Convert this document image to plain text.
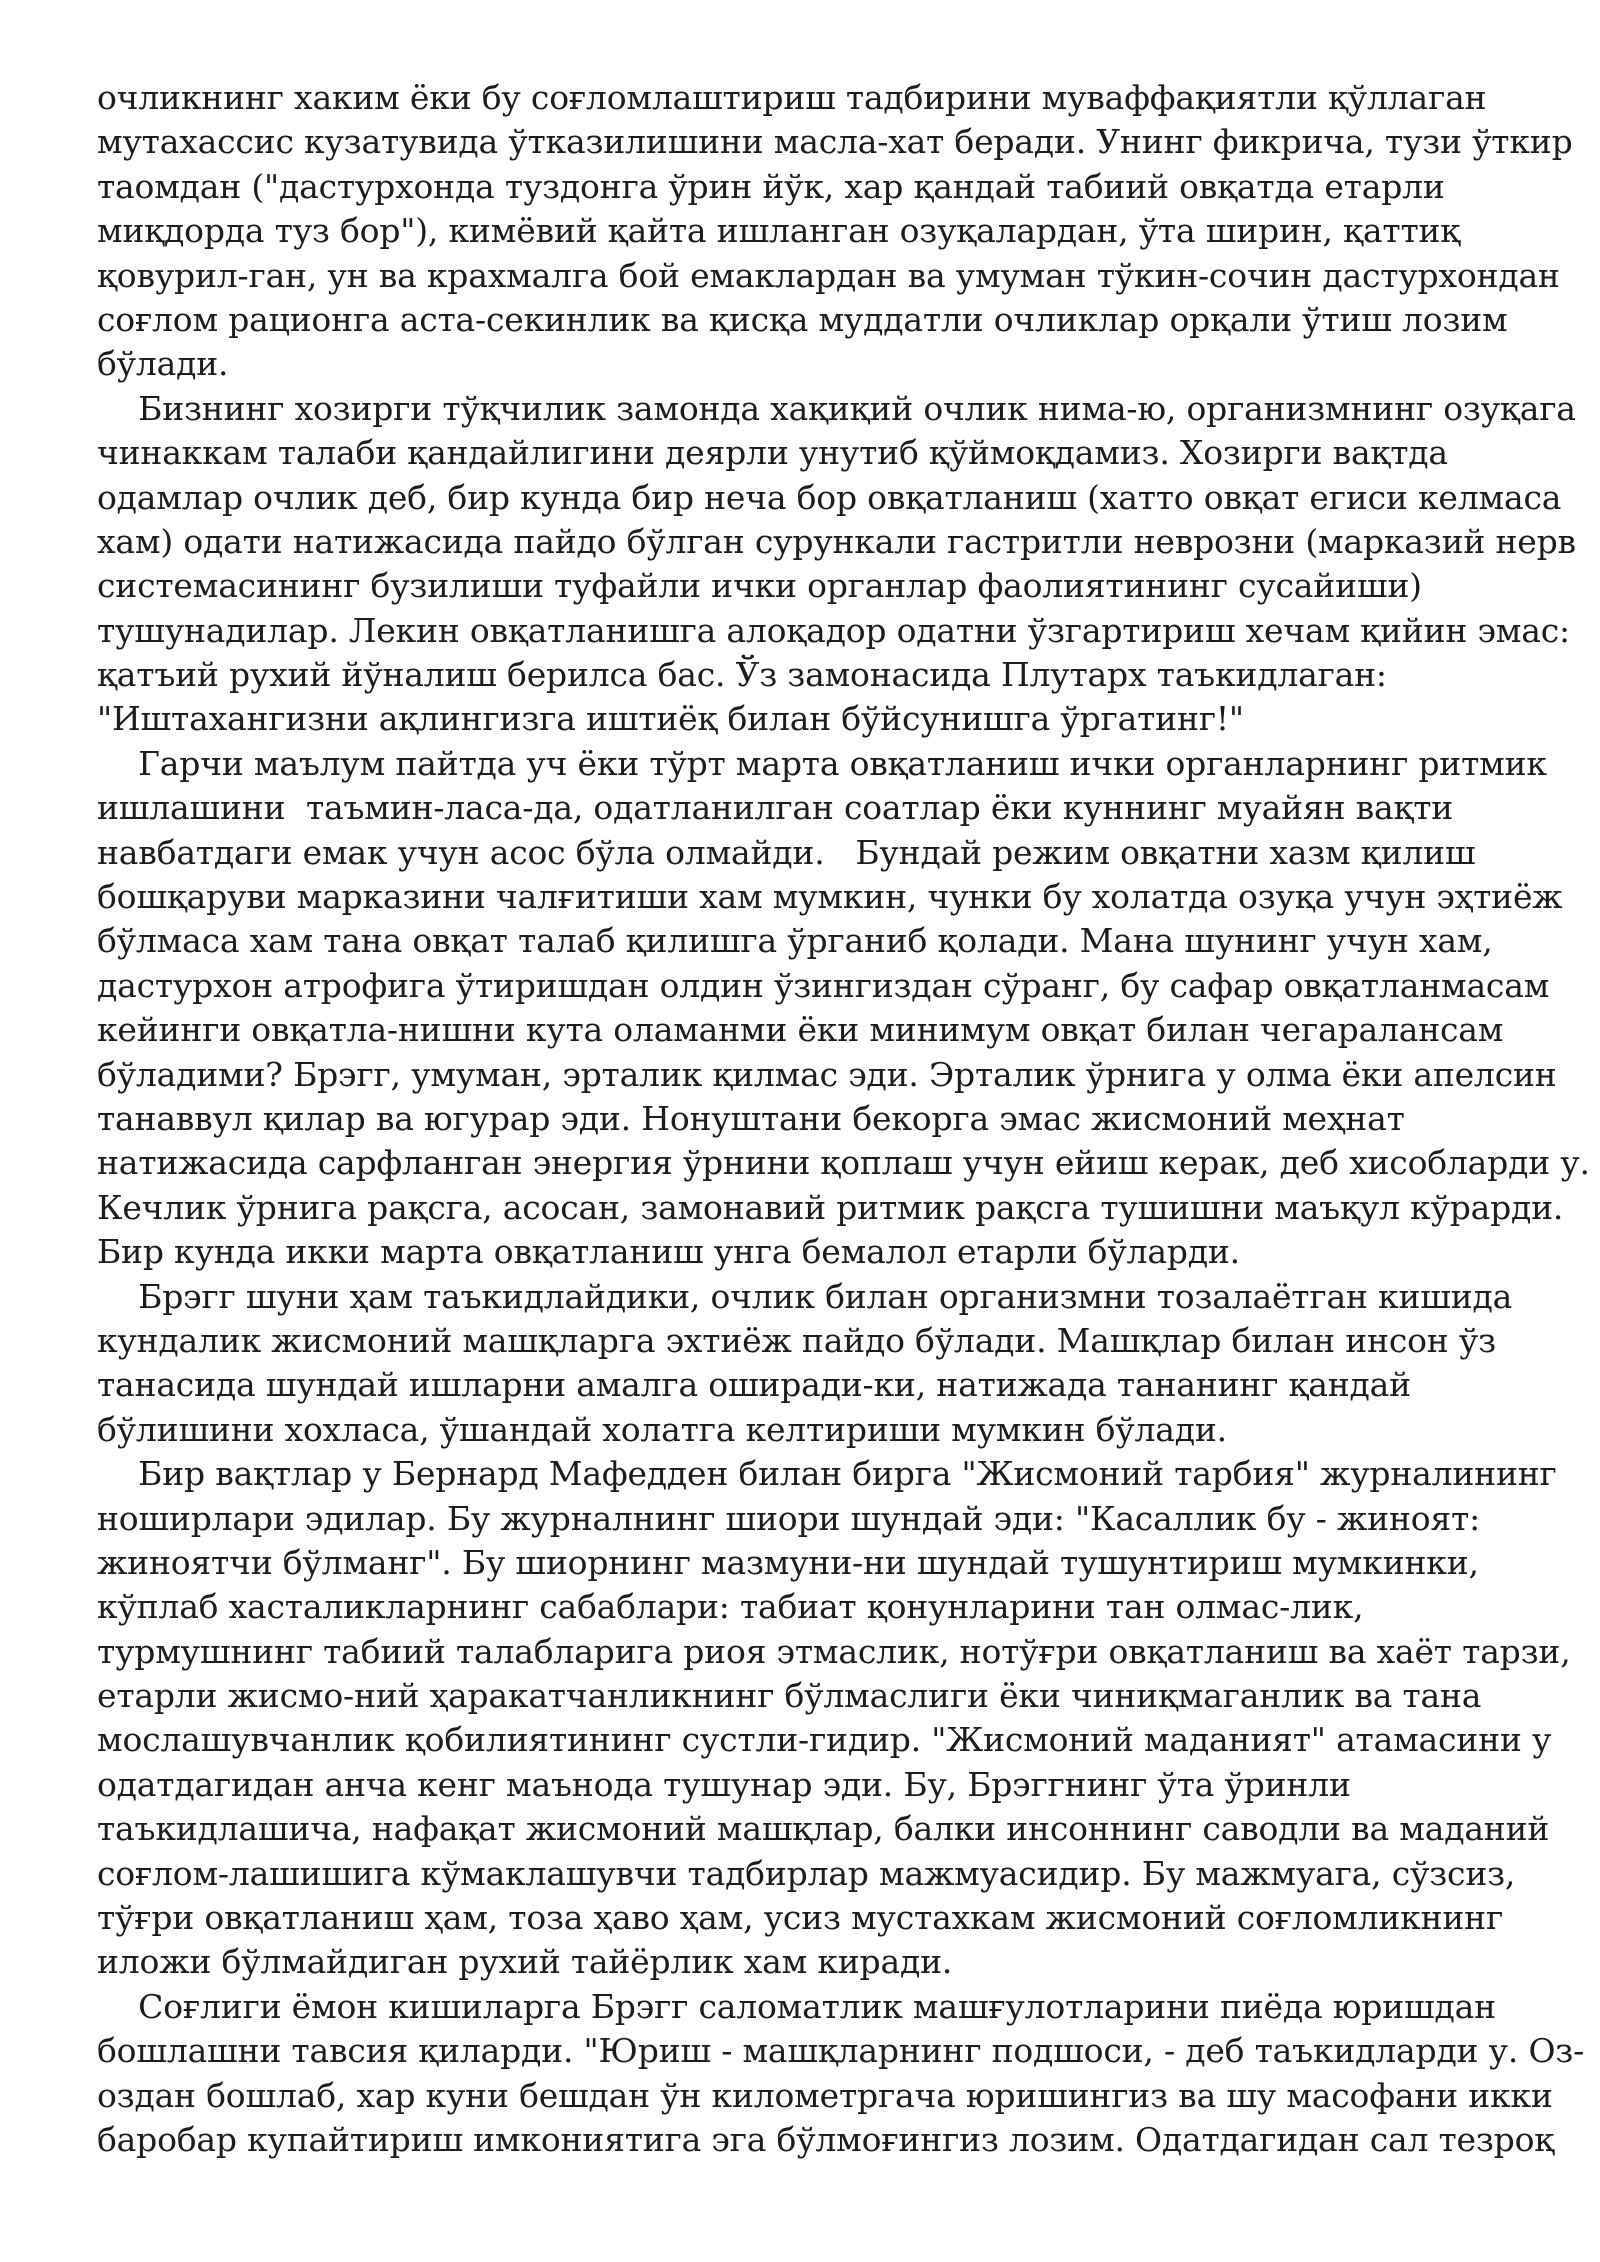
очликнинг хаким ёки бу соғломлаштириш тадбирини муваффақиятли қўллаган
мутахассис кузатувида ўтказилишини масла-хат беради. Унинг фикрича, тузи ўткир
таомдан ("дастурхонда туздонга ўрин йўк, хар қандай табиий овқатда етарли
миқдорда туз бор"), кимёвий қайта ишланган озуқалардан, ўта ширин, қаттиқ
қовурил-ган, ун ва крахмалга бой емаклардан ва умуман тўкин-сочин дастурхондан
соғлом рационга аста-секинлик ва қисқа муддатли очликлар орқали ўтиш лозим
бўлади.
Бизнинг хозирги тўқчилик замонда хақиқий очлик нима-ю, организмнинг озуқага
чинаккам талаби қандайлигини деярли унутиб қўймоқдамиз. Хозирги вақтда
одамлар очлик деб, бир кунда бир неча бор овқатланиш (хатто овқат егиси келмаса
хам) одати натижасида пайдо бўлган сурункали гастритли неврозни (марказий нерв
системасининг бузилиши туфайли ички органлар фаолиятининг сусайиши)
тушунадилар. Лекин овқатланишга алоқадор одатни ўзгартириш хечам қийин эмас:
қатъий рухий йўналиш берилса бас. Ўз замонасида Плутарх таъкидлаган:
"Иштахангизни ақлингизга иштиёқ билан бўйсунишга ўргатинг!"
Гарчи маълум пайтда уч ёки тўрт марта овқатланиш ички органларнинг ритмик
ишлашини  таъмин-ласа-да, одатланилган соатлар ёки куннинг муайян вақти
навбатдаги емак учун асос бўла олмайди.   Бундай режим овқатни хазм қилиш
бошқаруви марказини чалғитиши хам мумкин, чунки бу холатда озуқа учун эҳтиёж
бўлмаса хам тана овқат талаб қилишга ўрганиб қолади. Мана шунинг учун хам,
дастурхон атрофига ўтиришдан олдин ўзингиздан сўранг, бу сафар овқатланмасам
кейинги овқатла-нишни кута оламанми ёки минимум овқат билан чегаралансам
бўладими? Брэгг, умуман, эрталик қилмас эди. Эрталик ўрнига у олма ёки апелсин
танаввул қилар ва югурар эди. Нонуштани бекорга эмас жисмоний меҳнат
натижасида сарфланган энергия ўрнини қоплаш учун ейиш керак, деб хисобларди у.
Кечлик ўрнига рақсга, асосан, замонавий ритмик рақсга тушишни маъқул кўрарди.
Бир кунда икки марта овқатланиш унга бемалол етарли бўларди.
Брэгг шуни ҳам таъкидлайдики, очлик билан организмни тозалаётган кишида
кундалик жисмоний машқларга эхтиёж пайдо бўлади. Машқлар билан инсон ўз
танасида шундай ишларни амалга оширади-ки, натижада тананинг қандай
бўлишини хохласа, ўшандай холатга келтириши мумкин бўлади.
Бир вақтлар у Бернард Мафедден билан бирга "Жисмоний тарбия" журналининг
ноширлари эдилар. Бу журналнинг шиори шундай эди: "Касаллик бу - жиноят:
жиноятчи бўлманг". Бу шиорнинг мазмуни-ни шундай тушунтириш мумкинки,
кўплаб хасталикларнинг сабаблари: табиат қонунларини тан олмас-лик,
турмушнинг табиий талабларига риоя этмаслик, нотўғри овқатланиш ва хаёт тарзи,
етарли жисмо-ний ҳаракатчанликнинг бўлмаслиги ёки чиниқмаганлик ва тана
мослашувчанлик қобилиятининг сустли-гидир. "Жисмоний маданият" атамасини у
одатдагидан анча кенг маънода тушунар эди. Бу, Брэггнинг ўта ўринли
таъкидлашича, нафақат жисмоний машқлар, балки инсоннинг саводли ва маданий
соғлом-лашишига кўмаклашувчи тадбирлар мажмуасидир. Бу мажмуага, сўзсиз,
тўғри овқатланиш ҳам, тоза ҳаво ҳам, усиз мустахкам жисмоний соғломликнинг
иложи бўлмайдиган рухий тайёрлик хам киради.
Соғлиги ёмон кишиларга Брэгг саломатлик машғулотларини пиёда юришдан
бошлашни тавсия қиларди. "Юриш - машқларнинг подшоси, - деб таъкидларди у. Оз-
оздан бошлаб, хар куни бешдан ўн километргача юришингиз ва шу масофани икки
баробар купайтириш имкониятига эга бўлмоғингиз лозим. Одатдагидан сал тезроқ
